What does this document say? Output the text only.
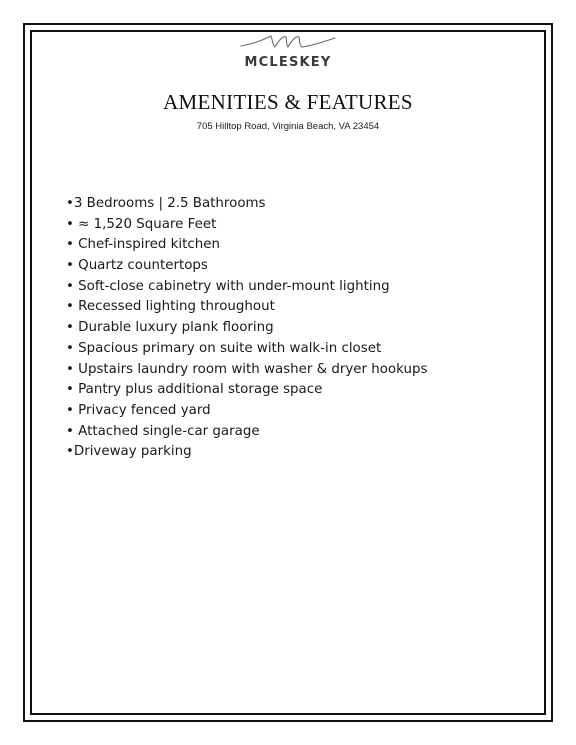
MCLESKEY
AMENITIES & FEATURES
705 Hilltop Road, Virginia Beach, VA 23454
•3 Bedrooms | 2.5 Bathrooms
• ≈ 1,520 Square Feet
• Chef-inspired kitchen
• Quartz countertops
• Soft-close cabinetry with under-mount lighting
• Recessed lighting throughout
• Durable luxury plank flooring
• Spacious primary on suite with walk-in closet
• Upstairs laundry room with washer & dryer hookups
• Pantry plus additional storage space
• Privacy fenced yard
• Attached single-car garage
•Driveway parking
